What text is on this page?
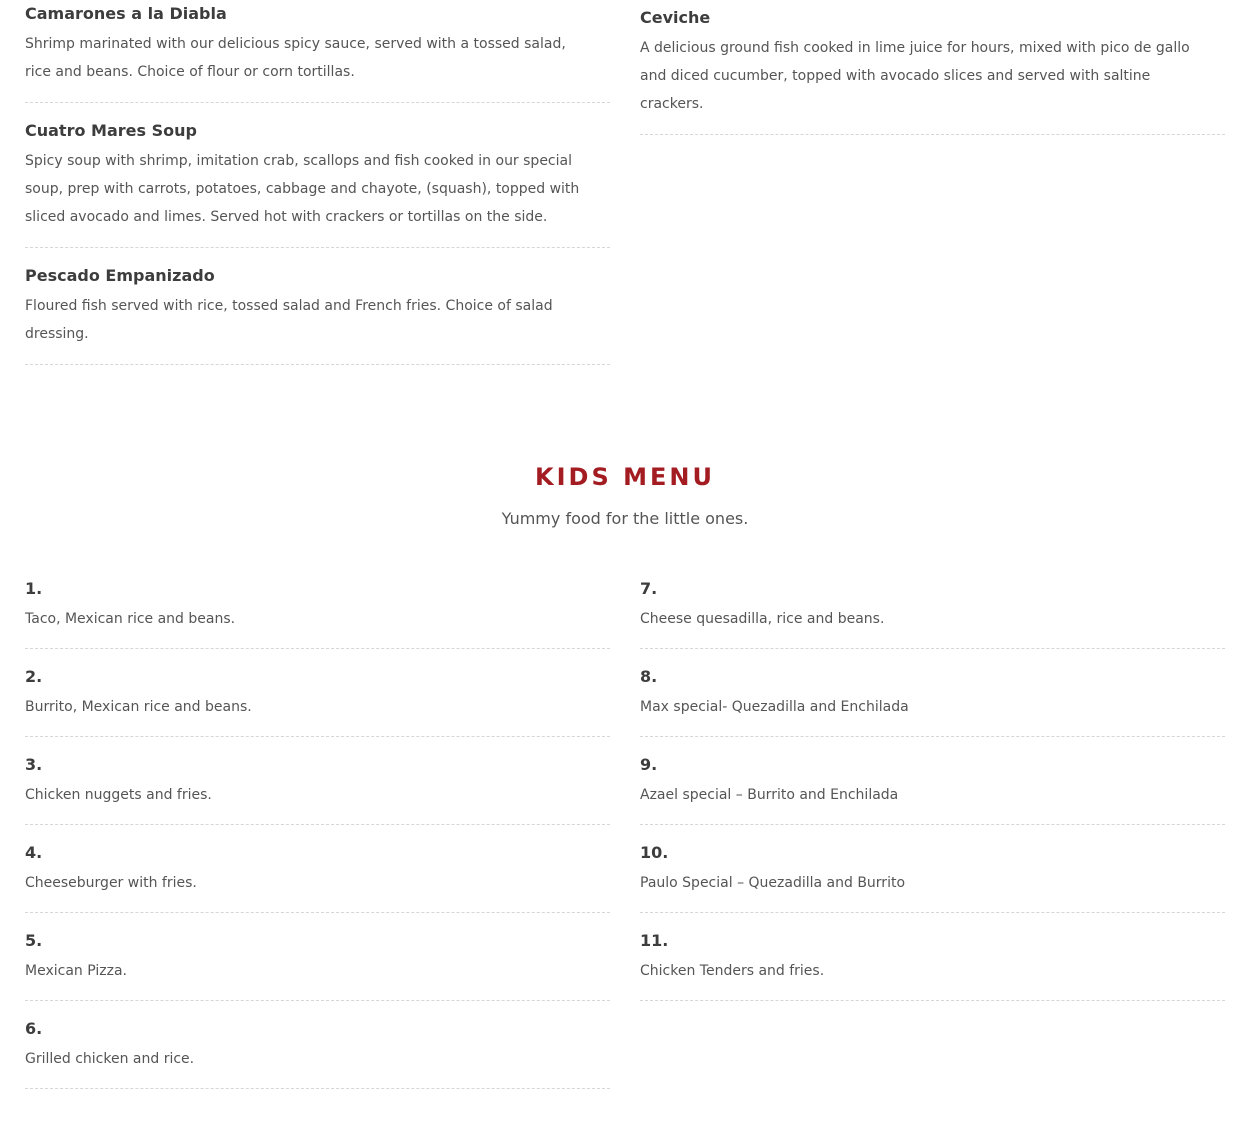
Camarones a la Diabla

Shrimp marinated with our delicious spicy sauce, served with a tossed salad, rice and beans. Choice of flour or corn tortillas.

Cuatro Mares Soup

Spicy soup with shrimp, imitation crab, scallops and fish cooked in our special soup, prep with carrots, potatoes, cabbage and chayote, (squash), topped with sliced avocado and limes. Served hot with crackers or tortillas on the side.

Pescado Empanizado

Floured fish served with rice, tossed salad and French fries. Choice of salad dressing.

Ceviche

A delicious ground fish cooked in lime juice for hours, mixed with pico de gallo and diced cucumber, topped with avocado slices and served with saltine crackers.

KIDS MENU

Yummy food for the little ones.

1.

Taco, Mexican rice and beans.

2.

Burrito, Mexican rice and beans.

3.

Chicken nuggets and fries.

4.

Cheeseburger with fries.

5.

Mexican Pizza.

6.

Grilled chicken and rice.

7.

Cheese quesadilla, rice and beans.

8.

Max special- Quezadilla and Enchilada

9.

Azael special – Burrito and Enchilada

10.

Paulo Special – Quezadilla and Burrito

11.

Chicken Tenders and fries.
